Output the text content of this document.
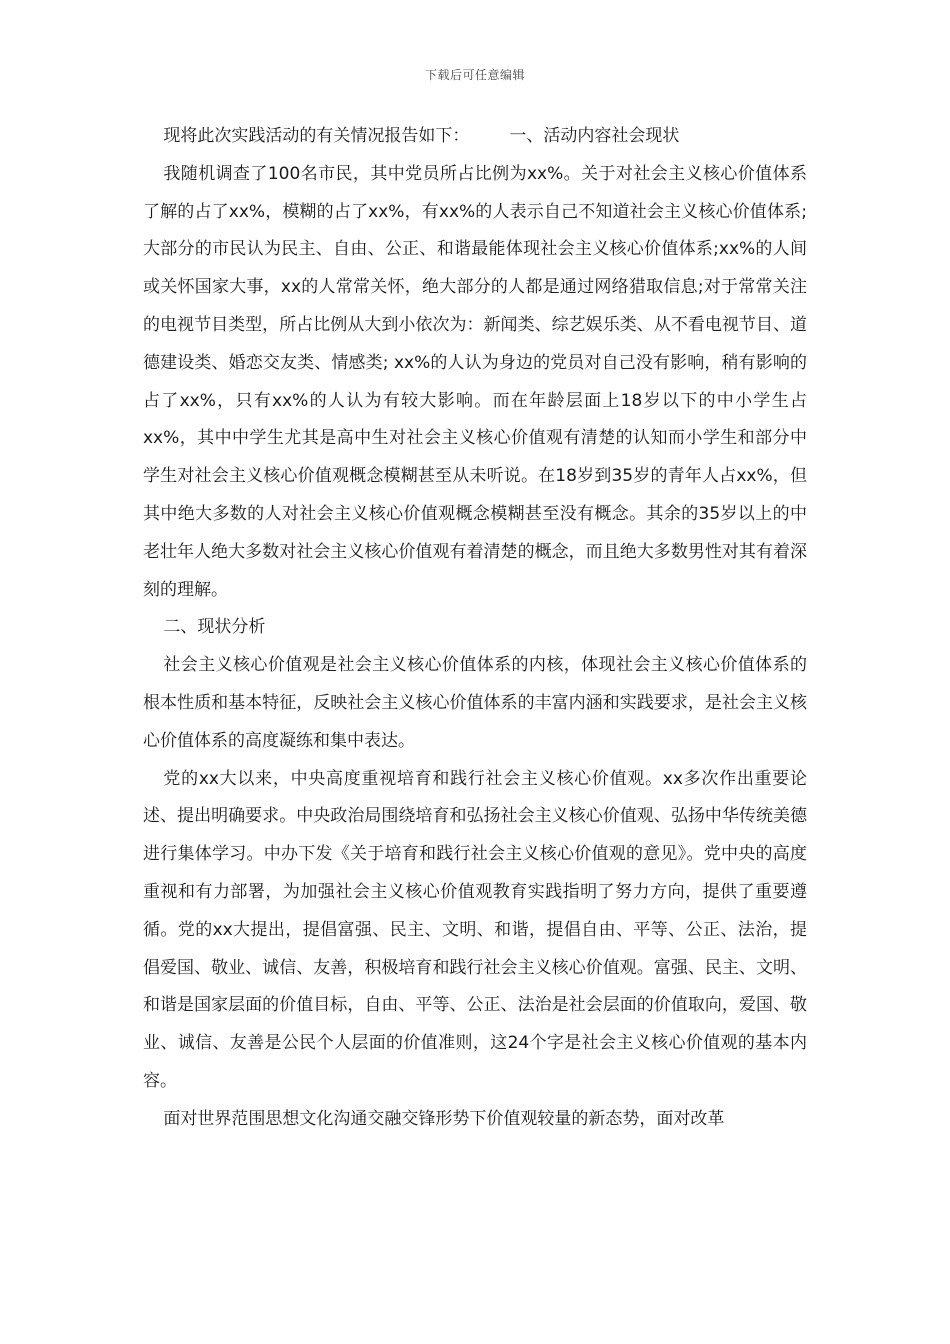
下载后可任意编辑

现将此次实践活动的有关情况报告如下： 一、活动内容社会现状

我随机调查了100名市民，其中党员所占比例为xx%。关于对社会主义核心价值体系了解的占了xx%，模糊的占了xx%，有xx%的人表示自己不知道社会主义核心价值体系;大部分的市民认为民主、自由、公正、和谐最能体现社会主义核心价值体系;xx%的人间或关怀国家大事，xx的人常常关怀，绝大部分的人都是通过网络猎取信息;对于常常关注的电视节目类型，所占比例从大到小依次为：新闻类、综艺娱乐类、从不看电视节目、道德建设类、婚恋交友类、情感类; xx%的人认为身边的党员对自己没有影响，稍有影响的占了xx%，只有xx%的人认为有较大影响。而在年龄层面上18岁以下的中小学生占xx%，其中中学生尤其是高中生对社会主义核心价值观有清楚的认知而小学生和部分中学生对社会主义核心价值观概念模糊甚至从未听说。在18岁到35岁的青年人占xx%，但其中绝大多数的人对社会主义核心价值观概念模糊甚至没有概念。其余的35岁以上的中老壮年人绝大多数对社会主义核心价值观有着清楚的概念，而且绝大多数男性对其有着深刻的理解。

二、现状分析

社会主义核心价值观是社会主义核心价值体系的内核，体现社会主义核心价值体系的根本性质和基本特征，反映社会主义核心价值体系的丰富内涵和实践要求，是社会主义核心价值体系的高度凝练和集中表达。

党的xx大以来，中央高度重视培育和践行社会主义核心价值观。xx多次作出重要论述、提出明确要求。中央政治局围绕培育和弘扬社会主义核心价值观、弘扬中华传统美德进行集体学习。中办下发《关于培育和践行社会主义核心价值观的意见》。党中央的高度重视和有力部署，为加强社会主义核心价值观教育实践指明了努力方向，提供了重要遵循。党的xx大提出，提倡富强、民主、文明、和谐，提倡自由、平等、公正、法治，提倡爱国、敬业、诚信、友善，积极培育和践行社会主义核心价值观。富强、民主、文明、和谐是国家层面的价值目标，自由、平等、公正、法治是社会层面的价值取向，爱国、敬业、诚信、友善是公民个人层面的价值准则，这24个字是社会主义核心价值观的基本内容。

面对世界范围思想文化沟通交融交锋形势下价值观较量的新态势，面对改革
